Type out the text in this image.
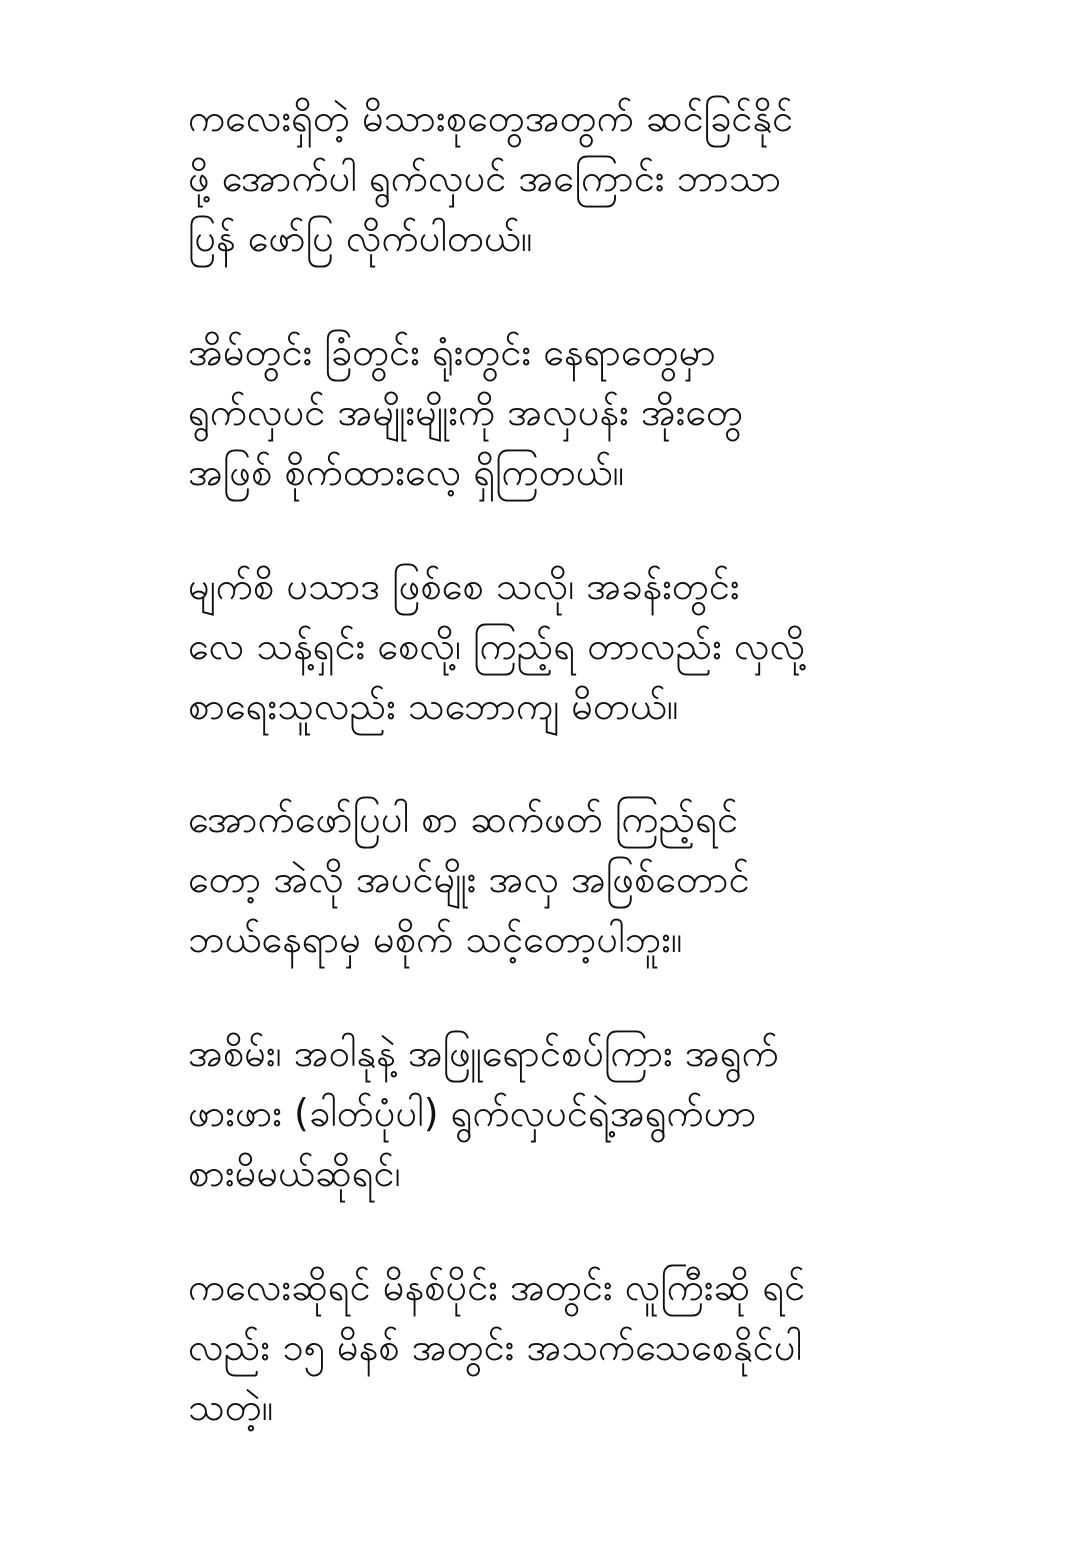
ကလေးရှိတဲ့ မိသားစုတွေအတွက် ဆင်ခြင်နိုင်
ဖို့ အောက်ပါ ရွက်လှပင် အကြောင်း ဘာသာ
ပြန် ဖော်ပြ လိုက်ပါတယ်။
အိမ်တွင်း ခြံတွင်း ရုံးတွင်း နေရာတွေမှာ
ရွက်လှပင် အမျိုးမျိုးကို အလှပန်း အိုးတွေ
အဖြစ် စိုက်ထားလေ့ ရှိကြတယ်။
မျက်စိ ပသာဒ ဖြစ်စေ သလို၊ အခန်းတွင်း
လေ သန့်ရှင်း စေလို့၊ ကြည့်ရ တာလည်း လှလို့
စာရေးသူလည်း သဘောကျ မိတယ်။
အောက်ဖော်ပြပါ စာ ဆက်ဖတ် ကြည့်ရင်
တော့ အဲလို အပင်မျိုး အလှ အဖြစ်တောင်
ဘယ်နေရာမှ မစိုက် သင့်တော့ပါဘူး။
အစိမ်း၊ အဝါနုနဲ့ အဖြူရောင်စပ်ကြား အရွက်
ဖားဖား (ခါတ်ပုံပါ) ရွက်လှပင်ရဲ့အရွက်ဟာ
စားမိမယ်ဆိုရင်၊
ကလေးဆိုရင် မိနစ်ပိုင်း အတွင်း လူကြီးဆို ရင်
လည်း ၁၅ မိနစ် အတွင်း အသက်သေစေနိုင်ပါ
သတဲ့။
